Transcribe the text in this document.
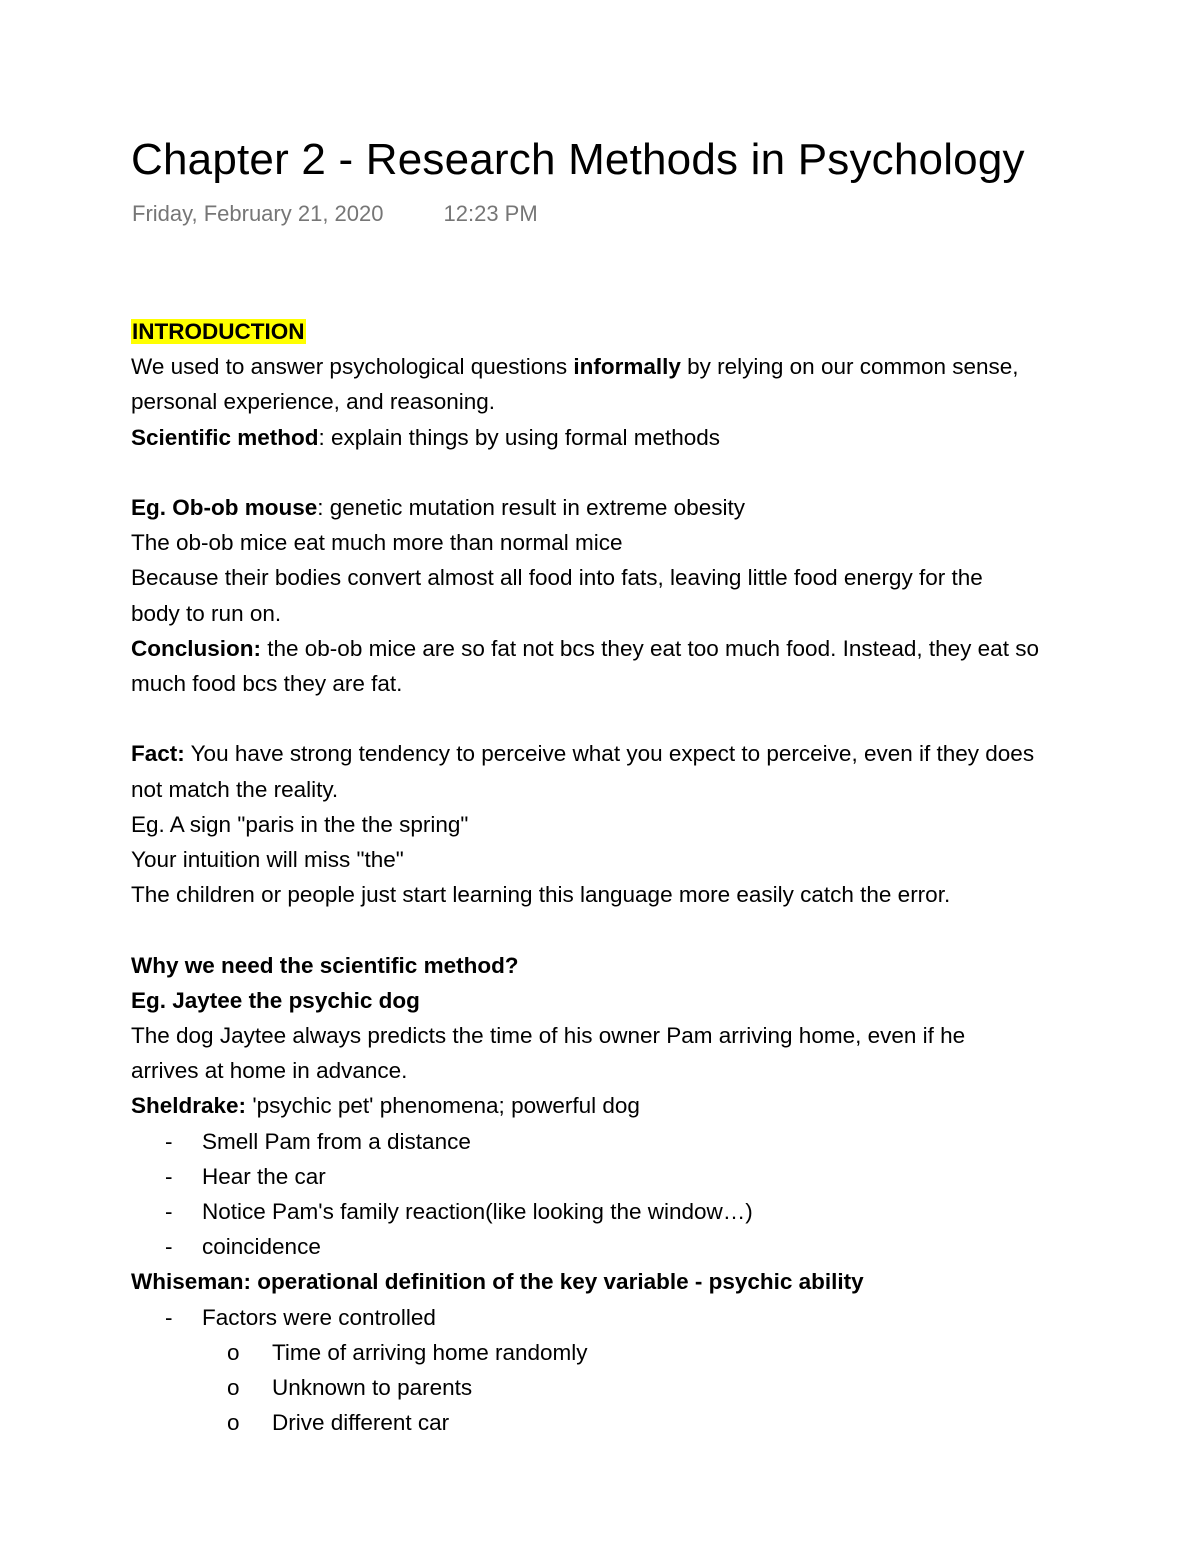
Chapter 2 - Research Methods in Psychology
Friday, February 21, 2020	12:23 PM
INTRODUCTION
We used to answer psychological questions informally by relying on our common sense,
personal experience, and reasoning.
Scientific method: explain things by using formal methods
Eg. Ob-ob mouse: genetic mutation result in extreme obesity
The ob-ob mice eat much more than normal mice
Because their bodies convert almost all food into fats, leaving little food energy for the
body to run on.
Conclusion: the ob-ob mice are so fat not bcs they eat too much food. Instead, they eat so
much food bcs they are fat.
Fact: You have strong tendency to perceive what you expect to perceive, even if they does
not match the reality.
Eg. A sign "paris in the the spring"
Your intuition will miss "the"
The children or people just start learning this language more easily catch the error.
Why we need the scientific method?
Eg. Jaytee the psychic dog
The dog Jaytee always predicts the time of his owner Pam arriving home, even if he
arrives at home in advance.
Sheldrake: 'psychic pet' phenomena; powerful dog
- Smell Pam from a distance
- Hear the car
- Notice Pam's family reaction(like looking the window…)
- coincidence
Whiseman: operational definition of the key variable - psychic ability
- Factors were controlled
o Time of arriving home randomly
o Unknown to parents
o Drive different car
